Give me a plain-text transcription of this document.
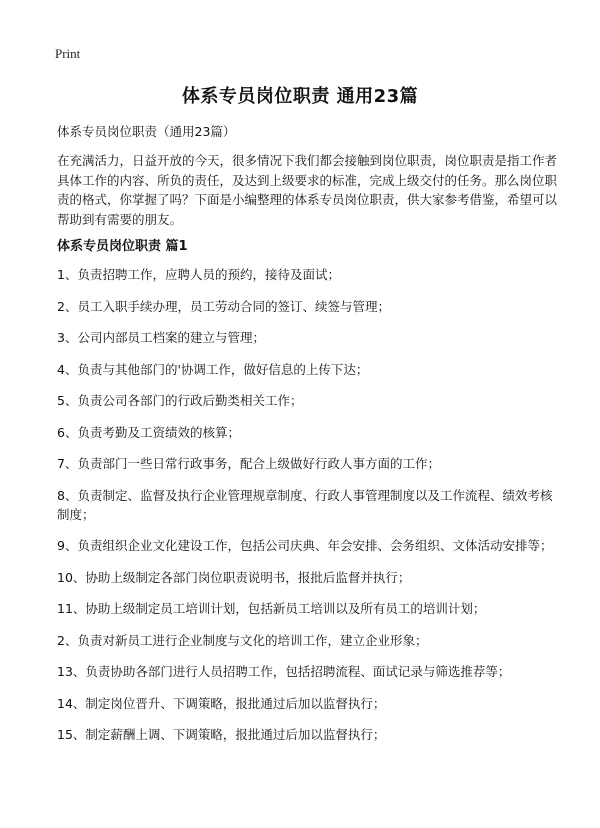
Print
体系专员岗位职责 通用23篇
体系专员岗位职责（通用23篇）

在充满活力，日益开放的今天，很多情况下我们都会接触到岗位职责，岗位职责是指工作者具体工作的内容、所负的责任，及达到上级要求的标准，完成上级交付的任务。那么岗位职责的格式，你掌握了吗？下面是小编整理的体系专员岗位职责，供大家参考借鉴，希望可以帮助到有需要的朋友。

体系专员岗位职责 篇1
1、负责招聘工作，应聘人员的预约，接待及面试；
2、员工入职手续办理，员工劳动合同的签订、续签与管理；
3、公司内部员工档案的建立与管理；
4、负责与其他部门的'协调工作，做好信息的上传下达；
5、负责公司各部门的行政后勤类相关工作；
6、负责考勤及工资绩效的核算；
7、负责部门一些日常行政事务，配合上级做好行政人事方面的工作；
8、负责制定、监督及执行企业管理规章制度、行政人事管理制度以及工作流程、绩效考核制度；
9、负责组织企业文化建设工作，包括公司庆典、年会安排、会务组织、文体活动安排等；
10、协助上级制定各部门岗位职责说明书，报批后监督并执行；
11、协助上级制定员工培训计划，包括新员工培训以及所有员工的培训计划；
2、负责对新员工进行企业制度与文化的培训工作，建立企业形象；
13、负责协助各部门进行人员招聘工作，包括招聘流程、面试记录与筛选推荐等；
14、制定岗位晋升、下调策略，报批通过后加以监督执行；
15、制定薪酬上调、下调策略，报批通过后加以监督执行；
